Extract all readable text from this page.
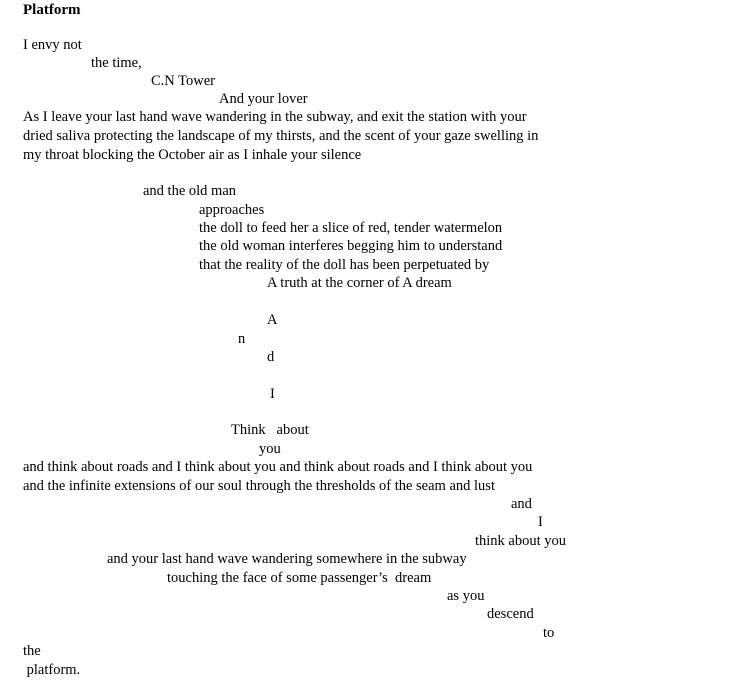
Platform
I envy not
the time,
C.N Tower
And your lover
As I leave your last hand wave wandering in the subway, and exit the station with your
dried saliva protecting the landscape of my thirsts, and the scent of your gaze swelling in
my throat blocking the October air as I inhale your silence
and the old man
approaches
the doll to feed her a slice of red, tender watermelon
the old woman interferes begging him to understand
that the reality of the doll has been perpetuated by
A truth at the corner of A dream
A
n
d
I
Think   about
you
and think about roads and I think about you and think about roads and I think about you
and the infinite extensions of our soul through the thresholds of the seam and lust
and
I
think about you
and your last hand wave wandering somewhere in the subway
touching the face of some passenger’s  dream
as you
descend
to
the
platform.
